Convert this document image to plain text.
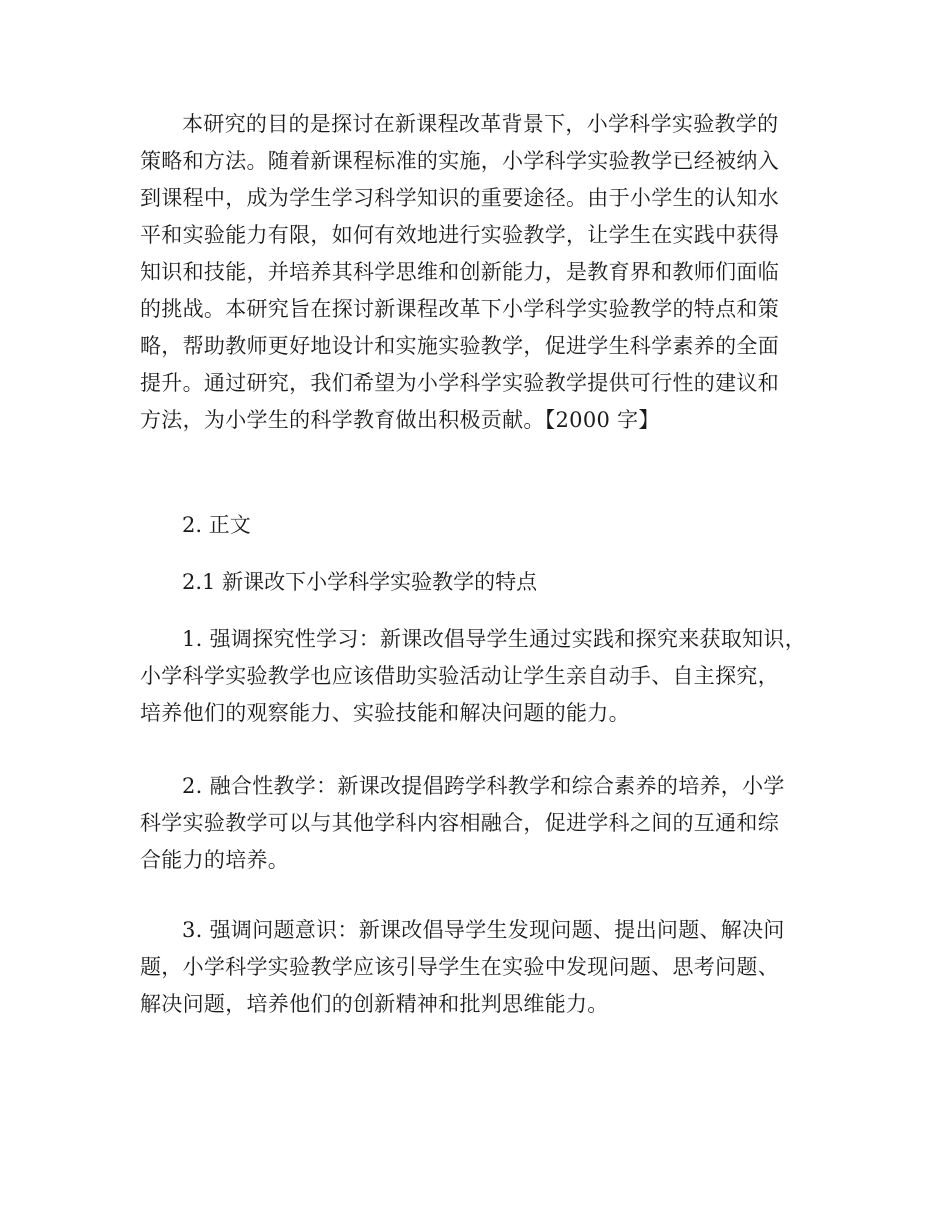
本研究的目的是探讨在新课程改革背景下，小学科学实验教学的
策略和方法。随着新课程标准的实施，小学科学实验教学已经被纳入
到课程中，成为学生学习科学知识的重要途径。由于小学生的认知水
平和实验能力有限，如何有效地进行实验教学，让学生在实践中获得
知识和技能，并培养其科学思维和创新能力，是教育界和教师们面临
的挑战。本研究旨在探讨新课程改革下小学科学实验教学的特点和策
略，帮助教师更好地设计和实施实验教学，促进学生科学素养的全面
提升。通过研究，我们希望为小学科学实验教学提供可行性的建议和
方法，为小学生的科学教育做出积极贡献。【2000 字】

2. 正文

2.1 新课改下小学科学实验教学的特点

1. 强调探究性学习：新课改倡导学生通过实践和探究来获取知识，
小学科学实验教学也应该借助实验活动让学生亲自动手、自主探究，
培养他们的观察能力、实验技能和解决问题的能力。

2. 融合性教学：新课改提倡跨学科教学和综合素养的培养，小学
科学实验教学可以与其他学科内容相融合，促进学科之间的互通和综
合能力的培养。

3. 强调问题意识：新课改倡导学生发现问题、提出问题、解决问
题，小学科学实验教学应该引导学生在实验中发现问题、思考问题、
解决问题，培养他们的创新精神和批判思维能力。
